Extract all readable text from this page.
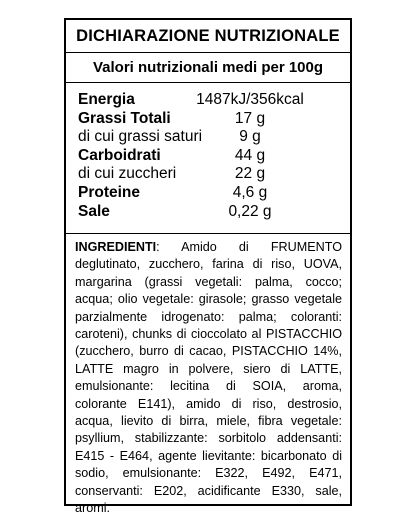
DICHIARAZIONE NUTRIZIONALE
Valori nutrizionali medi per 100g
Energia	1487kJ/356kcal
Grassi Totali	17 g
di cui grassi saturi	9 g
Carboidrati	44 g
di cui zuccheri	22 g
Proteine	4,6 g
Sale	0,22 g
INGREDIENTI: Amido di FRUMENTO deglutinato, zucchero, farina di riso, UOVA, margarina (grassi vegetali: palma, cocco; acqua; olio vegetale: girasole; grasso vegetale parzialmente idrogenato: palma; coloranti: caroteni), chunks di cioccolato al PISTACCHIO (zucchero, burro di cacao, PISTACCHIO 14%, LATTE magro in polvere, siero di LATTE, emulsionante: lecitina di SOIA, aroma, colorante E141), amido di riso, destrosio, acqua, lievito di birra, miele, fibra vegetale: psyllium, stabilizzante: sorbitolo addensanti: E415 - E464, agente lievitante: bicarbonato di sodio, emulsionante: E322, E492, E471, conservanti: E202, acidificante E330, sale, aromi.
